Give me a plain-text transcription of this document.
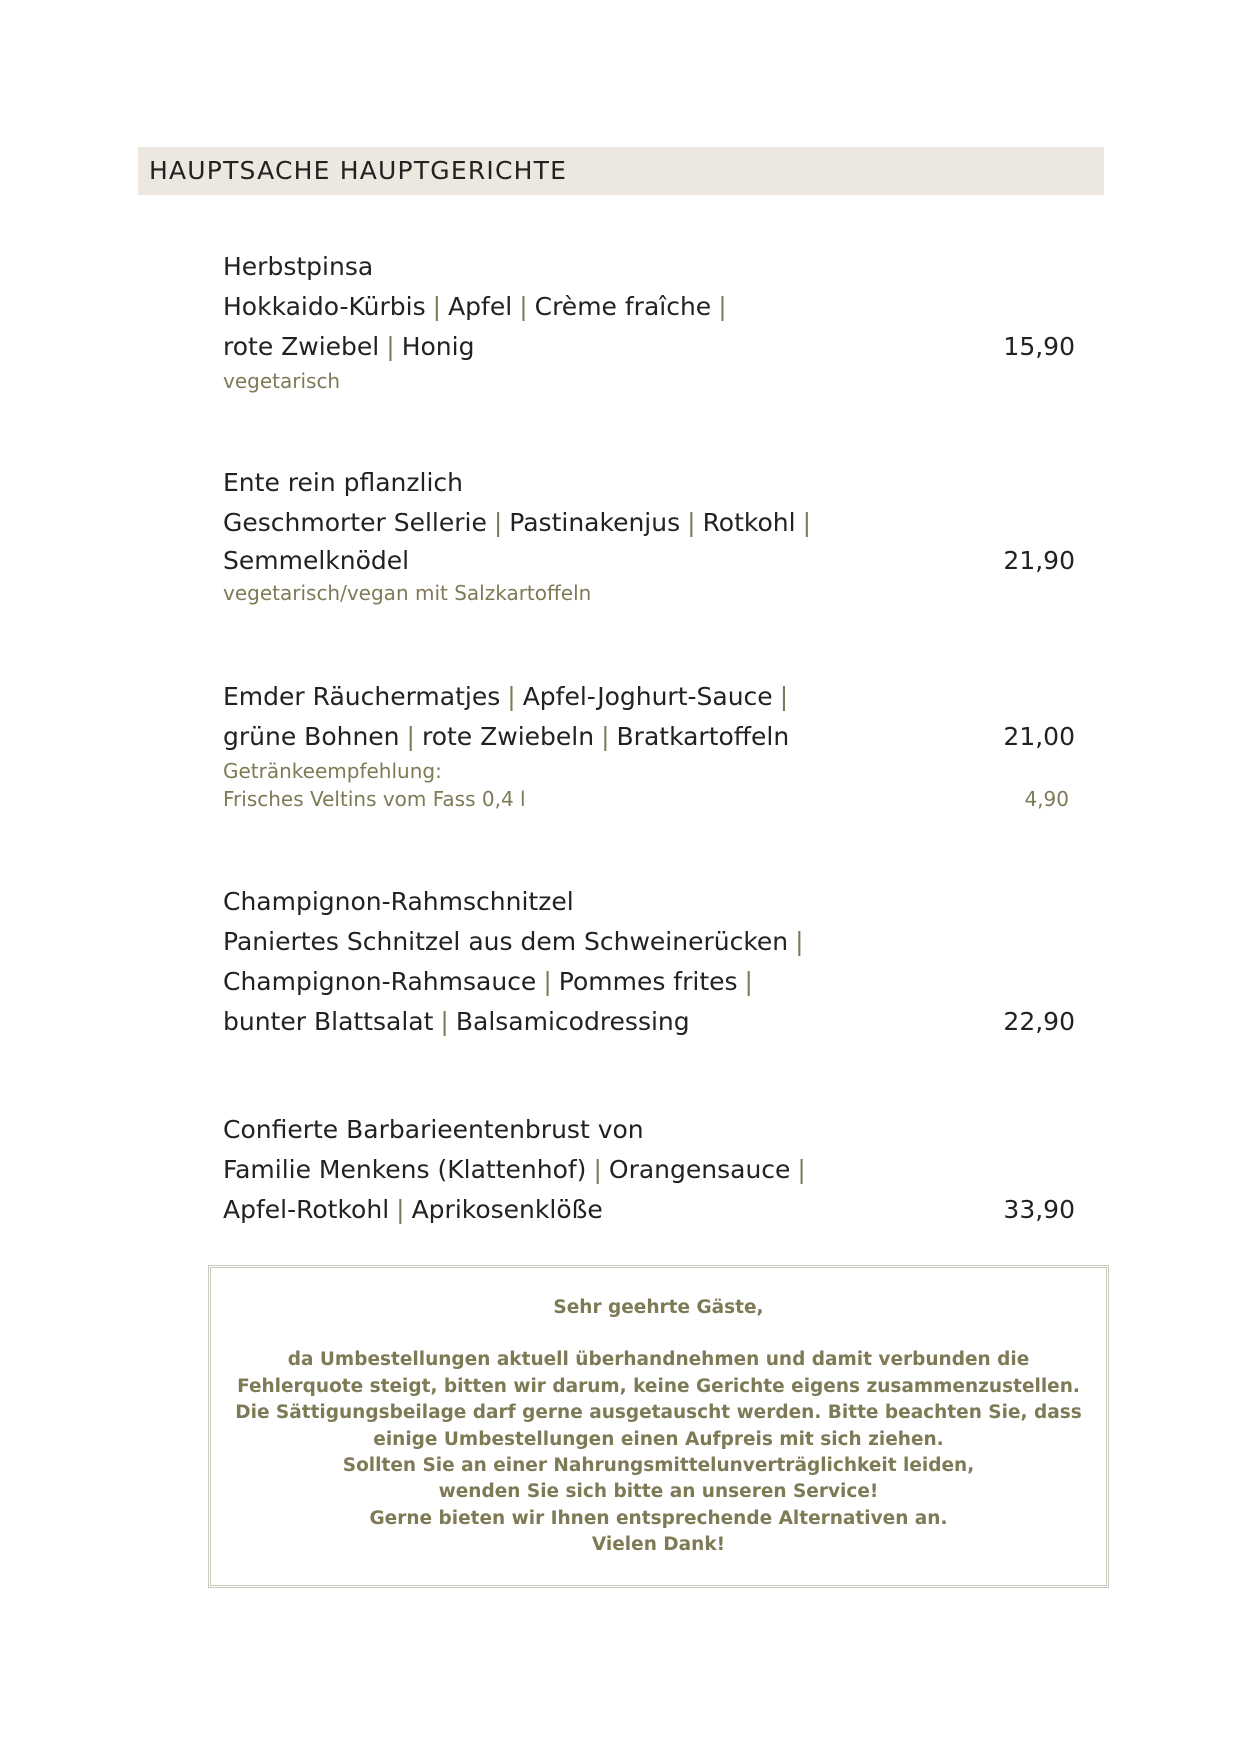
HAUPTSACHE HAUPTGERICHTE
Herbstpinsa
Hokkaido-Kürbis | Apfel | Crème fraîche |
rote Zwiebel | Honig	15,90
vegetarisch
Ente rein pflanzlich
Geschmorter Sellerie | Pastinakenjus | Rotkohl |
Semmelknödel	21,90
vegetarisch/vegan mit Salzkartoffeln
Emder Räuchermatjes | Apfel-Joghurt-Sauce |
grüne Bohnen | rote Zwiebeln | Bratkartoffeln	21,00
Getränkeempfehlung:
Frisches Veltins vom Fass 0,4 l	4,90
Champignon-Rahmschnitzel
Paniertes Schnitzel aus dem Schweinerücken |
Champignon-Rahmsauce | Pommes frites |
bunter Blattsalat | Balsamicodressing	22,90
Confierte Barbarieentenbrust von
Familie Menkens (Klattenhof) | Orangensauce |
Apfel-Rotkohl | Aprikosenklöße	33,90
Sehr geehrte Gäste,
da Umbestellungen aktuell überhandnehmen und damit verbunden die
Fehlerquote steigt, bitten wir darum, keine Gerichte eigens zusammenzustellen.
Die Sättigungsbeilage darf gerne ausgetauscht werden. Bitte beachten Sie, dass
einige Umbestellungen einen Aufpreis mit sich ziehen.
Sollten Sie an einer Nahrungsmittelunverträglichkeit leiden,
wenden Sie sich bitte an unseren Service!
Gerne bieten wir Ihnen entsprechende Alternativen an.
Vielen Dank!
